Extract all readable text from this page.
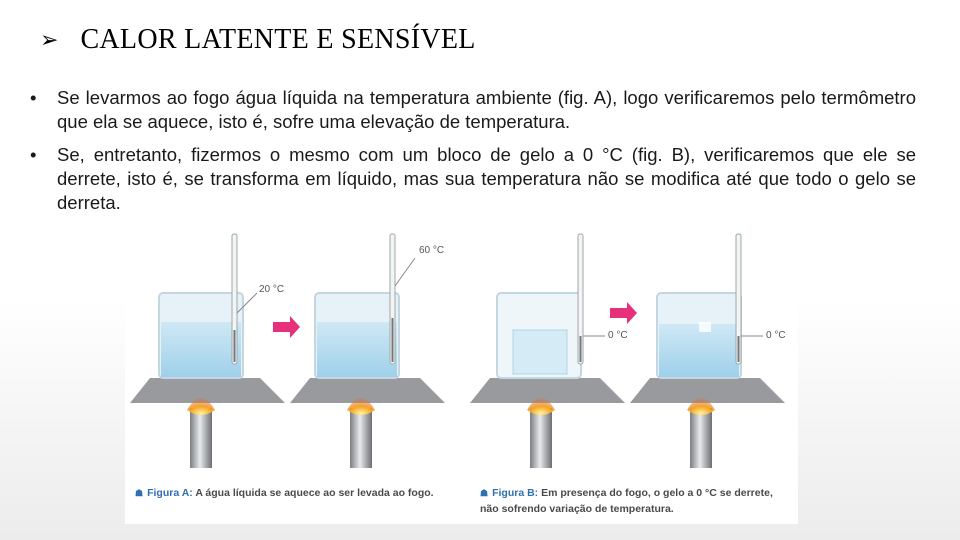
➢ CALOR LATENTE E SENSÍVEL
• Se levarmos ao fogo água líquida na temperatura ambiente (fig. A), logo verificaremos pelo termômetro que ela se aquece, isto é, sofre uma elevação de temperatura.
• Se, entretanto, fizermos o mesmo com um bloco de gelo a 0 °C (fig. B), verificaremos que ele se derrete, isto é, se transforma em líquido, mas sua temperatura não se modifica até que todo o gelo se derreta.
20 °C
60 °C
0 °C	0 °C
☗ Figura A: A água líquida se aquece ao ser levada ao fogo.	☗ Figura B: Em presença do fogo, o gelo a 0 °C se derrete, não sofrendo variação de temperatura.
